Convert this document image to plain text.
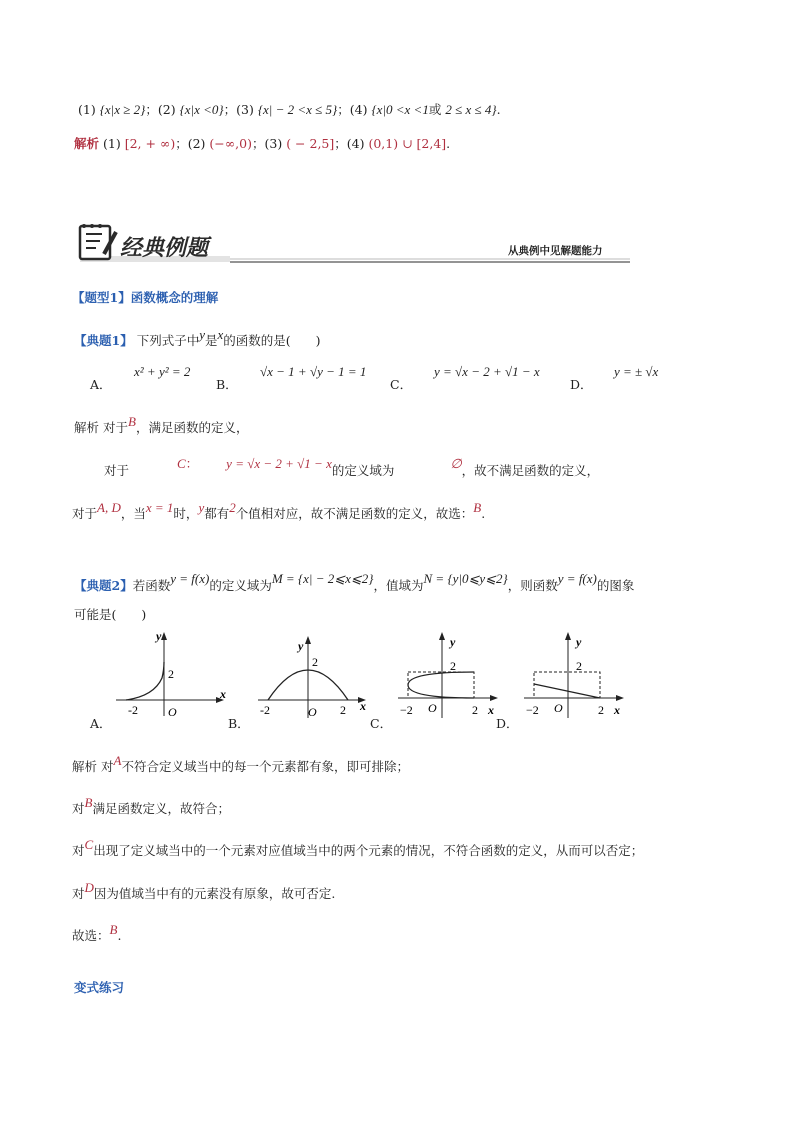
(1) {x|x ≥ 2}；(2) {x|x <0}；(3) {x| − 2 <x ≤ 5}；(4) {x|0 <x <1或 2 ≤ x ≤ 4}.
解析 (1) [2, + ∞)；(2) (−∞,0)；(3) ( − 2,5]；(4) (0,1) ∪ [2,4].
经典例题	从典例中见解题能力
【题型1】函数概念的理解
【典题1】 下列式子中y是x的函数的是(　　)
A．
x² + y² = 2
B．
√x − 1 + √y − 1 = 1
C．
y = √x − 2 + √1 − x
D．
y = ± √x
解析 对于B，满足函数的定义，
对于	C： y = √x − 2 + √1 − x的定义域为	∅，故不满足函数的定义，
对于A, D，当x = 1时，y都有2个值相对应，故不满足函数的定义，故选：B.
【典题2】若函数y = f(x)的定义域为M = {x| − 2⩽x⩽2}，值域为N = {y|0⩽y⩽2}，则函数y = f(x)的图象
可能是(　　)
A．
y
x
2
-2	O
B．
y
x
2
-2	2
O
C．
y
x
2
−2	2
O
D．
y
x
2
−2	2
O
解析 对A不符合定义域当中的每一个元素都有象，即可排除；
对B满足函数定义，故符合；
对C出现了定义域当中的一个元素对应值域当中的两个元素的情况，不符合函数的定义，从而可以否定；
对D因为值域当中有的元素没有原象，故可否定.
故选：B.
变式练习
